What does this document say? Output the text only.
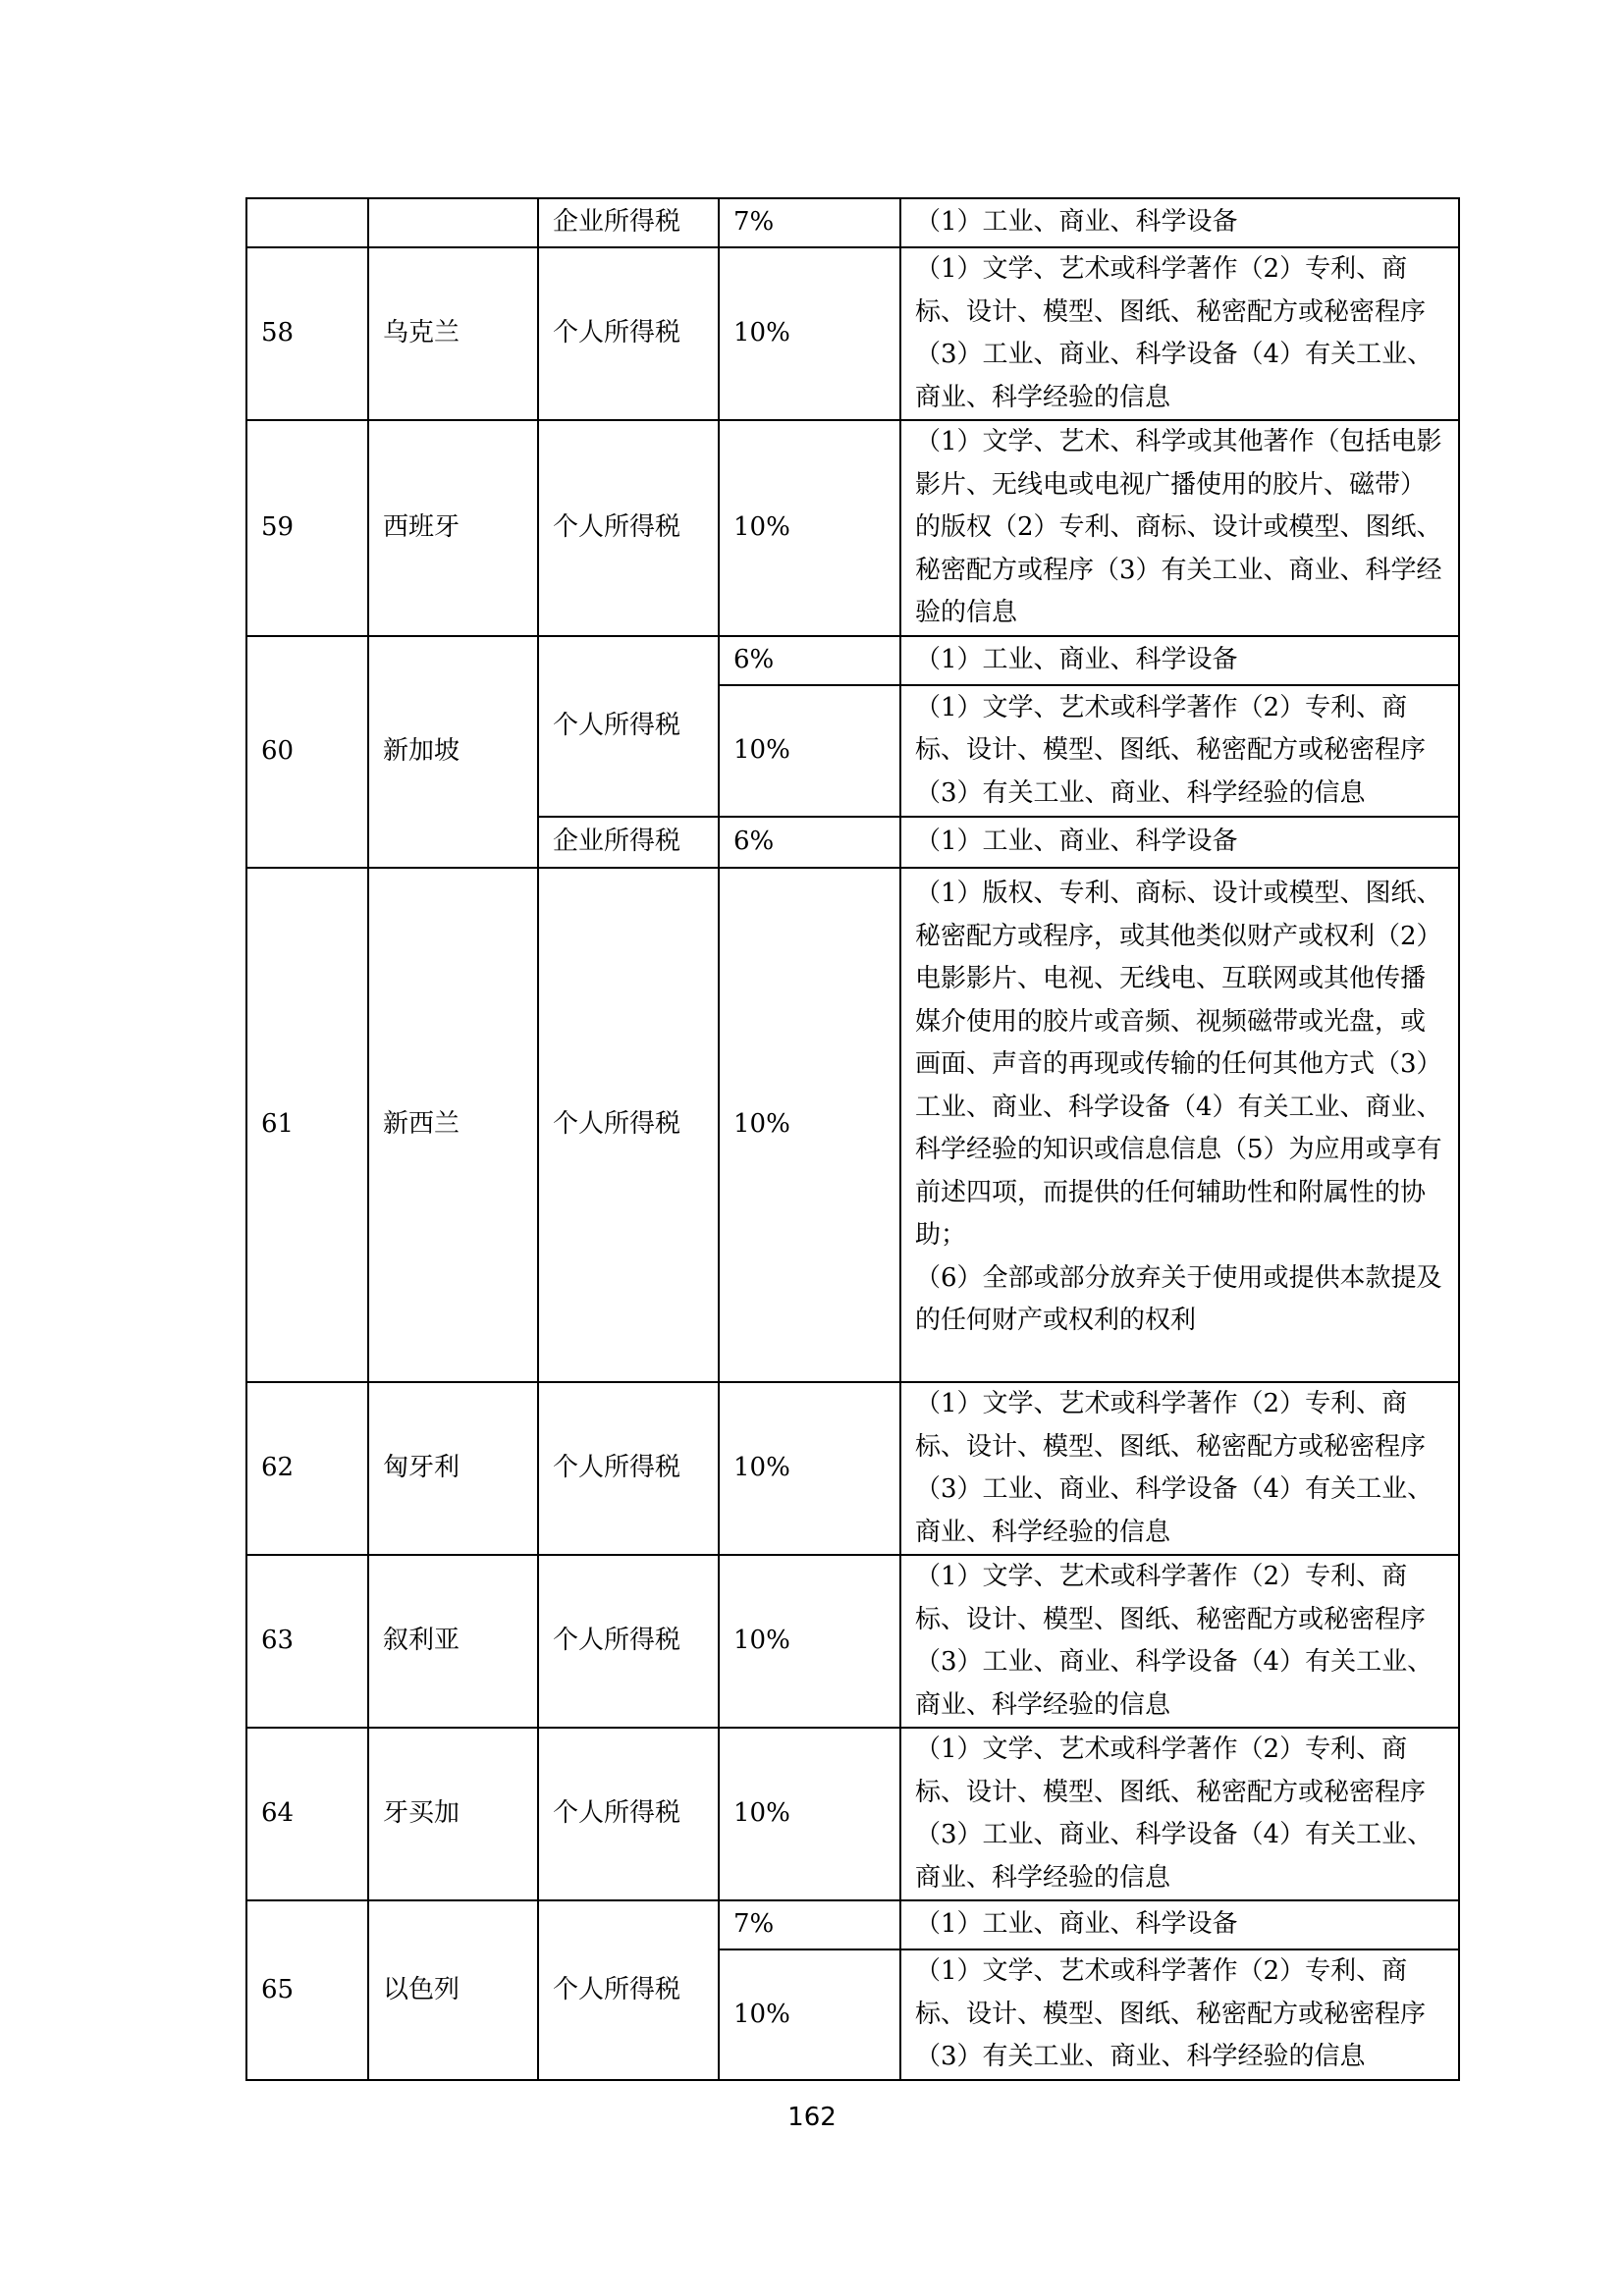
		企业所得税	7%	（1）工业、商业、科学设备
58	乌克兰	个人所得税	10%	（1）文学、艺术或科学著作（2）专利、商标、设计、模型、图纸、秘密配方或秘密程序（3）工业、商业、科学设备（4）有关工业、商业、科学经验的信息
59	西班牙	个人所得税	10%	（1）文学、艺术、科学或其他著作（包括电影影片、无线电或电视广播使用的胶片、磁带）的版权（2）专利、商标、设计或模型、图纸、秘密配方或程序（3）有关工业、商业、科学经验的信息
60	新加坡	个人所得税	6%	（1）工业、商业、科学设备
			10%	（1）文学、艺术或科学著作（2）专利、商标、设计、模型、图纸、秘密配方或秘密程序（3）有关工业、商业、科学经验的信息
		企业所得税	6%	（1）工业、商业、科学设备
61	新西兰	个人所得税	10%	（1）版权、专利、商标、设计或模型、图纸、秘密配方或程序，或其他类似财产或权利（2）电影影片、电视、无线电、互联网或其他传播媒介使用的胶片或音频、视频磁带或光盘，或画面、声音的再现或传输的任何其他方式（3）工业、商业、科学设备（4）有关工业、商业、科学经验的知识或信息信息（5）为应用或享有前述四项，而提供的任何辅助性和附属性的协助；
（6）全部或部分放弃关于使用或提供本款提及的任何财产或权利的权利
62	匈牙利	个人所得税	10%	（1）文学、艺术或科学著作（2）专利、商标、设计、模型、图纸、秘密配方或秘密程序（3）工业、商业、科学设备（4）有关工业、商业、科学经验的信息
63	叙利亚	个人所得税	10%	（1）文学、艺术或科学著作（2）专利、商标、设计、模型、图纸、秘密配方或秘密程序（3）工业、商业、科学设备（4）有关工业、商业、科学经验的信息
64	牙买加	个人所得税	10%	（1）文学、艺术或科学著作（2）专利、商标、设计、模型、图纸、秘密配方或秘密程序（3）工业、商业、科学设备（4）有关工业、商业、科学经验的信息
65	以色列	个人所得税	7%	（1）工业、商业、科学设备
			10%	（1）文学、艺术或科学著作（2）专利、商标、设计、模型、图纸、秘密配方或秘密程序（3）有关工业、商业、科学经验的信息
162
